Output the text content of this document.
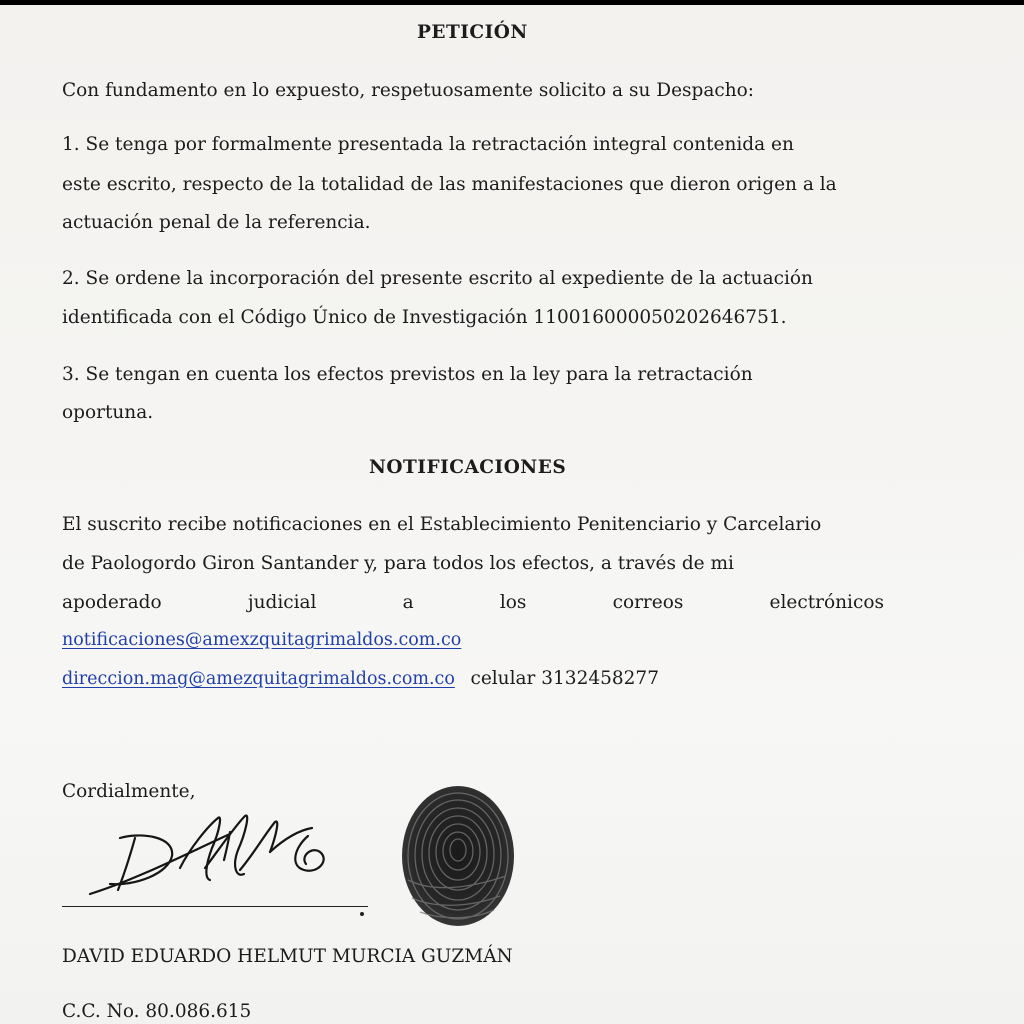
PETICIÓN
Con fundamento en lo expuesto, respetuosamente solicito a su Despacho:
1. Se tenga por formalmente presentada la retractación integral contenida en
este escrito, respecto de la totalidad de las manifestaciones que dieron origen a la
actuación penal de la referencia.
2. Se ordene la incorporación del presente escrito al expediente de la actuación
identificada con el Código Único de Investigación 110016000050202646751.
3. Se tengan en cuenta los efectos previstos en la ley para la retractación
oportuna.
NOTIFICACIONES
El suscrito recibe notificaciones en el Establecimiento Penitenciario y Carcelario
de Paologordo Giron Santander y, para todos los efectos, a través de mi
apoderado	judicial	a	los	correos	electrónicos
notificaciones@amexzquitagrimaldos.com.co
direccion.mag@amezquitagrimaldos.com.co celular 3132458277
Cordialmente,
DAVID EDUARDO HELMUT MURCIA GUZMÁN
C.C. No. 80.086.615
